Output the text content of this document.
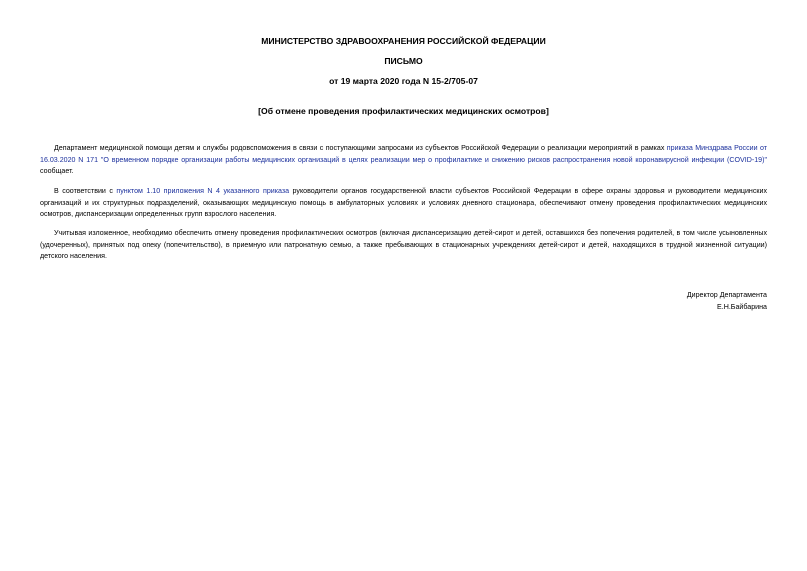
МИНИСТЕРСТВО ЗДРАВООХРАНЕНИЯ РОССИЙСКОЙ ФЕДЕРАЦИИ
ПИСЬМО
от 19 марта 2020 года N 15-2/705-07
[Об отмене проведения профилактических медицинских осмотров]

Департамент медицинской помощи детям и службы родовспоможения в связи с поступающими запросами из субъектов Российской Федерации о реализации мероприятий в рамках приказа Минздрава России от 16.03.2020 N 171 "О временном порядке организации работы медицинских организаций в целях реализации мер о профилактике и снижению рисков распространения новой коронавирусной инфекции (COVID-19)" сообщает.

В соответствии с пунктом 1.10 приложения N 4 указанного приказа руководители органов государственной власти субъектов Российской Федерации в сфере охраны здоровья и руководители медицинских организаций и их структурных подразделений, оказывающих медицинскую помощь в амбулаторных условиях и условиях дневного стационара, обеспечивают отмену проведения профилактических медицинских осмотров, диспансеризации определенных групп взрослого населения.

Учитывая изложенное, необходимо обеспечить отмену проведения профилактических осмотров (включая диспансеризацию детей-сирот и детей, оставшихся без попечения родителей, в том числе усыновленных (удочеренных), принятых под опеку (попечительство), в приемную или патронатную семью, а также пребывающих в стационарных учреждениях детей-сирот и детей, находящихся в трудной жизненной ситуации) детского населения.

Директор Департамента
Е.Н.Байбарина
